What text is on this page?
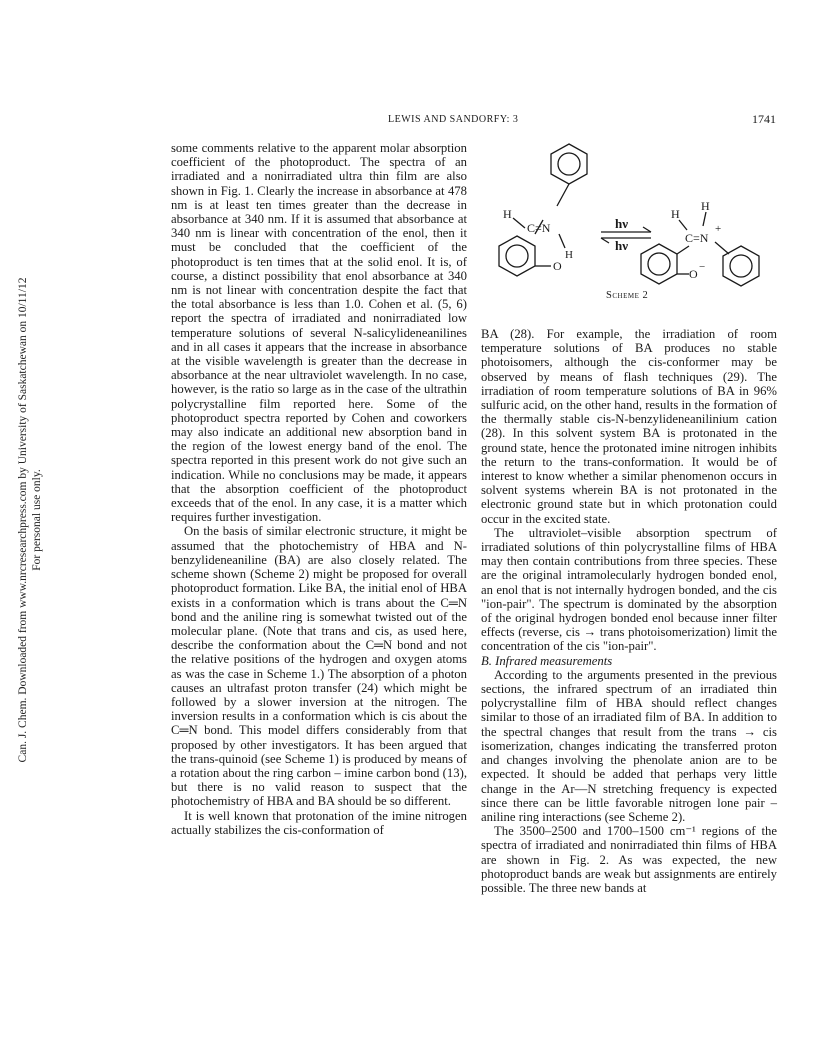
Can. J. Chem. Downloaded from www.nrcresearchpress.com by University of Saskatchewan on 10/11/12 For personal use only.
LEWIS AND SANDORFY: 3	1741

some comments relative to the apparent molar absorption coefficient of the photoproduct. The spectra of an irradiated and a nonirradiated ultra thin film are also shown in Fig. 1. Clearly the increase in absorbance at 478 nm is at least ten times greater than the decrease in absorbance at 340 nm. If it is assumed that absorbance at 340 nm is linear with concentration of the enol, then it must be concluded that the coefficient of the photoproduct is ten times that at the solid enol. It is, of course, a distinct possibility that enol absorbance at 340 nm is not linear with concentration despite the fact that the total absorbance is less than 1.0. Cohen et al. (5, 6) report the spectra of irradiated and nonirradiated low temperature solutions of several N-salicylideneanilines and in all cases it appears that the increase in absorbance at the visible wavelength is greater than the decrease in absorbance at the near ultraviolet wavelength. In no case, however, is the ratio so large as in the case of the ultrathin polycrystalline film reported here. Some of the photoproduct spectra reported by Cohen and coworkers may also indicate an additional new absorption band in the region of the lowest energy band of the enol. The spectra reported in this present work do not give such an indication. While no conclusions may be made, it appears that the absorption coefficient of the photoproduct exceeds that of the enol. In any case, it is a matter which requires further investigation.

On the basis of similar electronic structure, it might be assumed that the photochemistry of HBA and N-benzylideneaniline (BA) are also closely related. The scheme shown (Scheme 2) might be proposed for overall photoproduct formation. Like BA, the initial enol of HBA exists in a conformation which is trans about the C═N bond and the aniline ring is somewhat twisted out of the molecular plane. (Note that trans and cis, as used here, describe the conformation about the C═N bond and not the relative positions of the hydrogen and oxygen atoms as was the case in Scheme 1.) The absorption of a photon causes an ultrafast proton transfer (24) which might be followed by a slower inversion at the nitrogen. The inversion results in a conformation which is cis about the C═N bond. This model differs considerably from that proposed by other investigators. It has been argued that the trans-quinoid (see Scheme 1) is produced by means of a rotation about the ring carbon – imine carbon bond (13), but there is no valid reason to suspect that the photochemistry of HBA and BA should be so different.

It is well known that protonation of the imine nitrogen actually stabilizes the cis-conformation of

H
C=N
H
O
hν
hν
H
H
C=N
+
O −
Scheme 2

BA (28). For example, the irradiation of room temperature solutions of BA produces no stable photoisomers, although the cis-conformer may be observed by means of flash techniques (29). The irradiation of room temperature solutions of BA in 96% sulfuric acid, on the other hand, results in the formation of the thermally stable cis-N-benzylideneanilinium cation (28). In this solvent system BA is protonated in the ground state, hence the protonated imine nitrogen inhibits the return to the trans-conformation. It would be of interest to know whether a similar phenomenon occurs in solvent systems wherein BA is not protonated in the electronic ground state but in which protonation could occur in the excited state.

The ultraviolet–visible absorption spectrum of irradiated solutions of thin polycrystalline films of HBA may then contain contributions from three species. These are the original intramolecularly hydrogen bonded enol, an enol that is not internally hydrogen bonded, and the cis "ion-pair". The spectrum is dominated by the absorption of the original hydrogen bonded enol because inner filter effects (reverse, cis → trans photoisomerization) limit the concentration of the cis "ion-pair".

B. Infrared measurements

According to the arguments presented in the previous sections, the infrared spectrum of an irradiated thin polycrystalline film of HBA should reflect changes similar to those of an irradiated film of BA. In addition to the spectral changes that result from the trans → cis isomerization, changes indicating the transferred proton and changes involving the phenolate anion are to be expected. It should be added that perhaps very little change in the Ar—N stretching frequency is expected since there can be little favorable nitrogen lone pair – aniline ring interactions (see Scheme 2).

The 3500–2500 and 1700–1500 cm⁻¹ regions of the spectra of irradiated and nonirradiated thin films of HBA are shown in Fig. 2. As was expected, the new photoproduct bands are weak but assignments are entirely possible. The three new bands at
